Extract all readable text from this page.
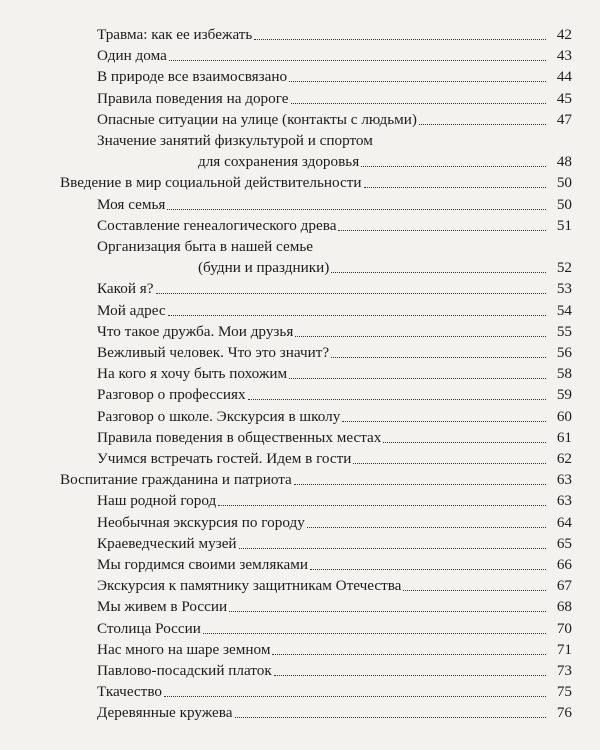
Травма: как ее избежать	42
Один дома	43
В природе все взаимосвязано	44
Правила поведения на дороге	45
Опасные ситуации на улице (контакты с людьми)	47
Значение занятий физкультурой и спортом
для сохранения здоровья	48
Введение в мир социальной действительности	50
Моя семья	50
Составление генеалогического древа	51
Организация быта в нашей семье
(будни и праздники)	52
Какой я?	53
Мой адрес	54
Что такое дружба. Мои друзья	55
Вежливый человек. Что это значит?	56
На кого я хочу быть похожим	58
Разговор о профессиях	59
Разговор о школе. Экскурсия в школу	60
Правила поведения в общественных местах	61
Учимся встречать гостей. Идем в гости	62
Воспитание гражданина и патриота	63
Наш родной город	63
Необычная экскурсия по городу	64
Краеведческий музей	65
Мы гордимся своими земляками	66
Экскурсия к памятнику защитникам Отечества	67
Мы живем в России	68
Столица России	70
Нас много на шаре земном	71
Павлово-посадский платок	73
Ткачество	75
Деревянные кружева	76
